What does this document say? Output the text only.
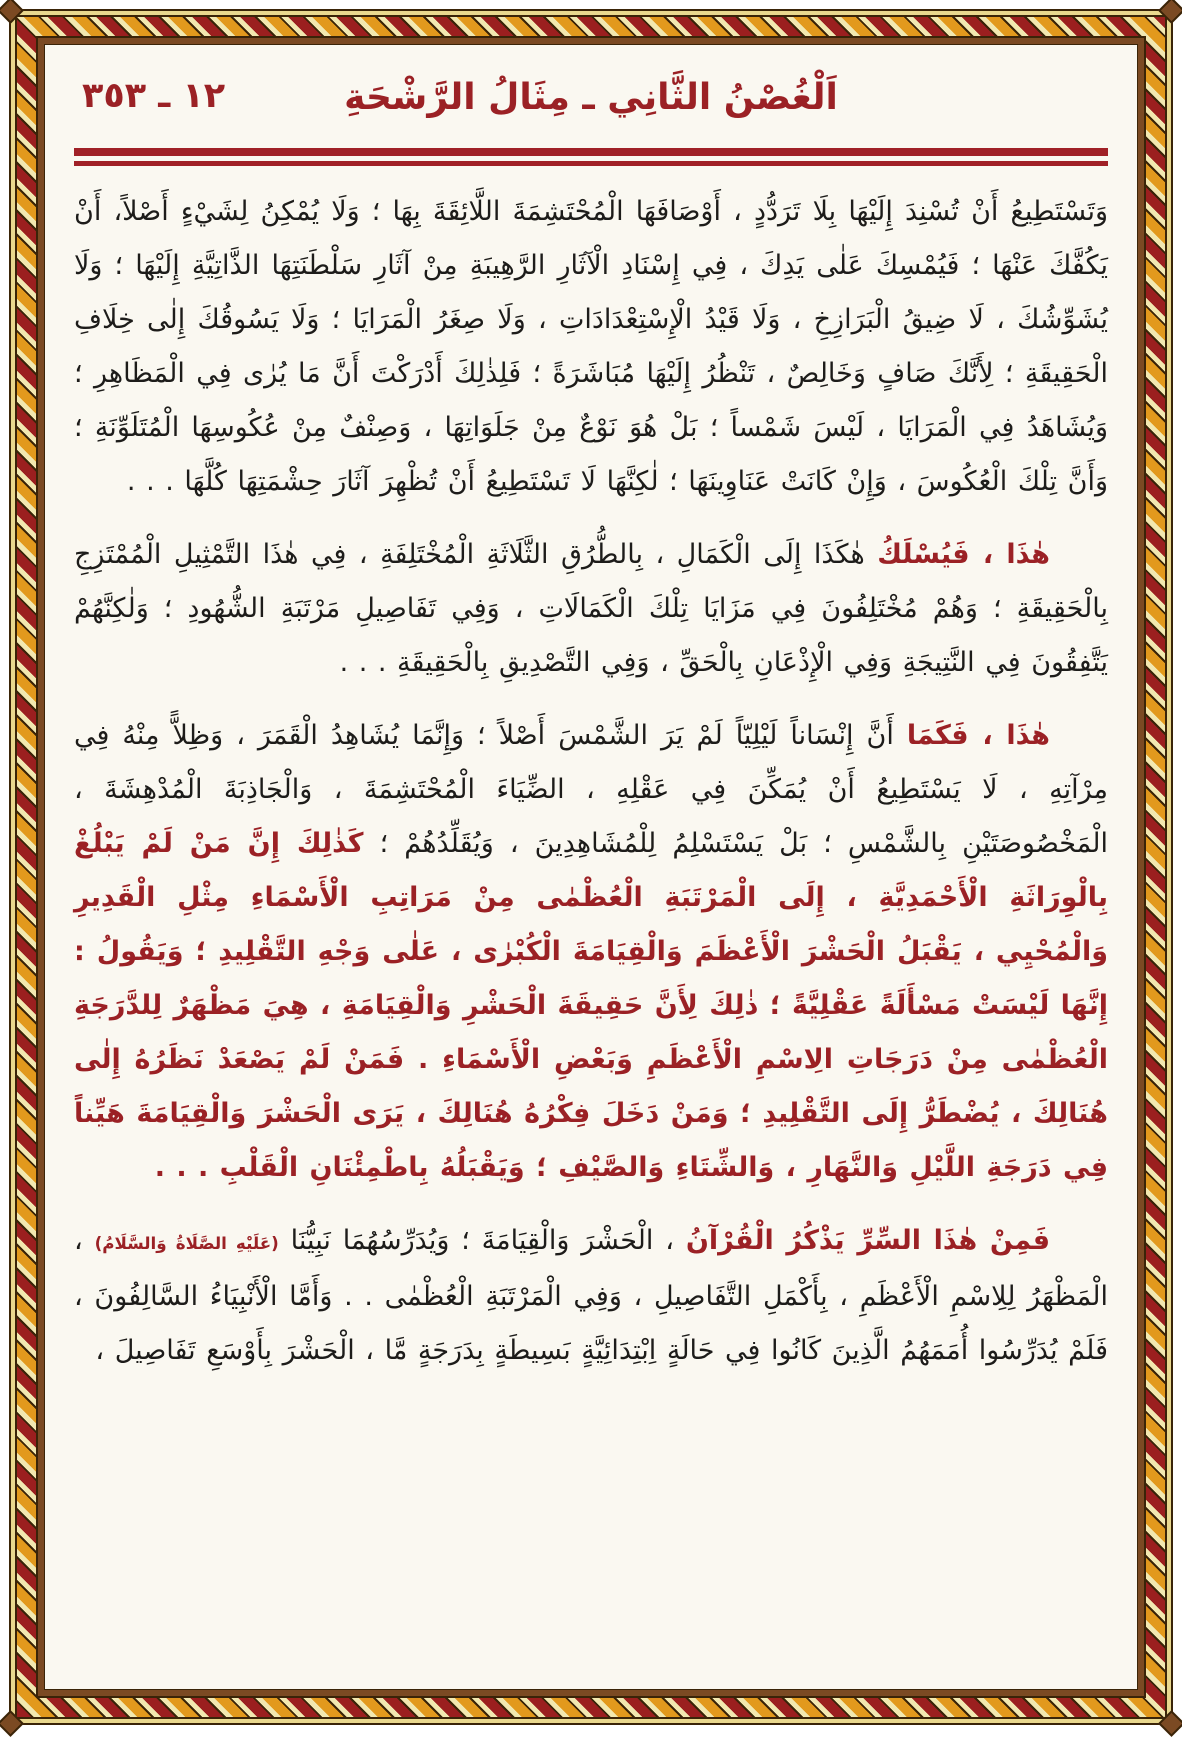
١٢ ـ ٣٥٣	اَلْغُصْنُ الثَّانِي ـ مِثَالُ الرَّشْحَةِ

وَتَسْتَطِيعُ أَنْ تُسْنِدَ إِلَيْهَا بِلَا تَرَدُّدٍ ، أَوْصَافَهَا الْمُحْتَشِمَةَ اللَّائِقَةَ بِهَا ؛ وَلَا يُمْكِنُ لِشَيْءٍ أَصْلاً، أَنْ يَكُفَّكَ عَنْهَا ؛ فَيُمْسِكَ عَلٰى يَدِكَ ، فِي إِسْنَادِ الْآثَارِ الرَّهِيبَةِ مِنْ آثَارِ سَلْطَنَتِهَا الذَّاتِيَّةِ إِلَيْهَا ؛ وَلَا يُشَوِّشُكَ ، لَا ضِيقُ الْبَرَازِخِ ، وَلَا قَيْدُ الْإِسْتِعْدَادَاتِ ، وَلَا صِغَرُ الْمَرَايَا ؛ وَلَا يَسُوقُكَ إِلٰى خِلَافِ الْحَقِيقَةِ ؛ لِأَنَّكَ صَافٍ وَخَالِصٌ ، تَنْظُرُ إِلَيْهَا مُبَاشَرَةً ؛ فَلِذٰلِكَ أَدْرَكْتَ أَنَّ مَا يُرٰى فِي الْمَظَاهِرِ ؛ وَيُشَاهَدُ فِي الْمَرَايَا ، لَيْسَ شَمْساً ؛ بَلْ هُوَ نَوْعٌ مِنْ جَلَوَاتِهَا ، وَصِنْفٌ مِنْ عُكُوسِهَا الْمُتَلَوِّنَةِ ؛ وَأَنَّ تِلْكَ الْعُكُوسَ ، وَإِنْ كَانَتْ عَنَاوِينَهَا ؛ لٰكِنَّهَا لَا تَسْتَطِيعُ أَنْ تُظْهِرَ آثَارَ حِشْمَتِهَا كُلَّهَا . . .

هٰذَا ، فَيُسْلَكُ هٰكَذَا إِلَى الْكَمَالِ ، بِالطُّرُقِ الثَّلَاثَةِ الْمُخْتَلِفَةِ ، فِي هٰذَا التَّمْثِيلِ الْمُمْتَزِجِ بِالْحَقِيقَةِ ؛ وَهُمْ مُخْتَلِفُونَ فِي مَزَايَا تِلْكَ الْكَمَالَاتِ ، وَفِي تَفَاصِيلِ مَرْتَبَةِ الشُّهُودِ ؛ وَلٰكِنَّهُمْ يَتَّفِقُونَ فِي النَّتِيجَةِ وَفِي الْإِذْعَانِ بِالْحَقِّ ، وَفِي التَّصْدِيقِ بِالْحَقِيقَةِ . . .

هٰذَا ، فَكَمَا أَنَّ إِنْسَاناً لَيْلِيّاً لَمْ يَرَ الشَّمْسَ أَصْلاً ؛ وَإِنَّمَا يُشَاهِدُ الْقَمَرَ ، وَظِلاًّ مِنْهُ فِي مِرْآتِهِ ، لَا يَسْتَطِيعُ أَنْ يُمَكِّنَ فِي عَقْلِهِ ، الضِّيَاءَ الْمُحْتَشِمَةَ ، وَالْجَاذِبَةَ الْمُدْهِشَةَ ، الْمَخْصُوصَتَيْنِ بِالشَّمْسِ ؛ بَلْ يَسْتَسْلِمُ لِلْمُشَاهِدِينَ ، وَيُقَلِّدُهُمْ ؛ كَذٰلِكَ إِنَّ مَنْ لَمْ يَبْلُغْ بِالْوِرَاثَةِ الْأَحْمَدِيَّةِ ، إِلَى الْمَرْتَبَةِ الْعُظْمٰى مِنْ مَرَاتِبِ الْأَسْمَاءِ مِثْلِ الْقَدِيرِ وَالْمُحْيِي ، يَقْبَلُ الْحَشْرَ الْأَعْظَمَ وَالْقِيَامَةَ الْكُبْرٰى ، عَلٰى وَجْهِ التَّقْلِيدِ ؛ وَيَقُولُ : إِنَّهَا لَيْسَتْ مَسْأَلَةً عَقْلِيَّةً ؛ ذٰلِكَ لِأَنَّ حَقِيقَةَ الْحَشْرِ وَالْقِيَامَةِ ، هِيَ مَظْهَرٌ لِلدَّرَجَةِ الْعُظْمٰى مِنْ دَرَجَاتِ الِاسْمِ الْأَعْظَمِ وَبَعْضِ الْأَسْمَاءِ . فَمَنْ لَمْ يَصْعَدْ نَظَرُهُ إِلٰى هُنَالِكَ ، يُضْطَرُّ إِلَى التَّقْلِيدِ ؛ وَمَنْ دَخَلَ فِكْرُهُ هُنَالِكَ ، يَرَى الْحَشْرَ وَالْقِيَامَةَ هَيِّناً فِي دَرَجَةِ اللَّيْلِ وَالنَّهَارِ ، وَالشِّتَاءِ وَالصَّيْفِ ؛ وَيَقْبَلُهُ بِاطْمِئْنَانِ الْقَلْبِ . . .

فَمِنْ هٰذَا السِّرِّ يَذْكُرُ الْقُرْآنُ ، الْحَشْرَ وَالْقِيَامَةَ ؛ وَيُدَرِّسُهُمَا نَبِيُّنَا (عَلَيْهِ الصَّلَاةُ وَالسَّلَامُ) ، الْمَظْهَرُ لِلِاسْمِ الْأَعْظَمِ ، بِأَكْمَلِ التَّفَاصِيلِ ، وَفِي الْمَرْتَبَةِ الْعُظْمٰى . . وَأَمَّا الْأَنْبِيَاءُ السَّالِفُونَ ، فَلَمْ يُدَرِّسُوا أُمَمَهُمُ الَّذِينَ كَانُوا فِي حَالَةٍ اِبْتِدَائِيَّةٍ بَسِيطَةٍ بِدَرَجَةٍ مَّا ، الْحَشْرَ بِأَوْسَعِ تَفَاصِيلَ ،
